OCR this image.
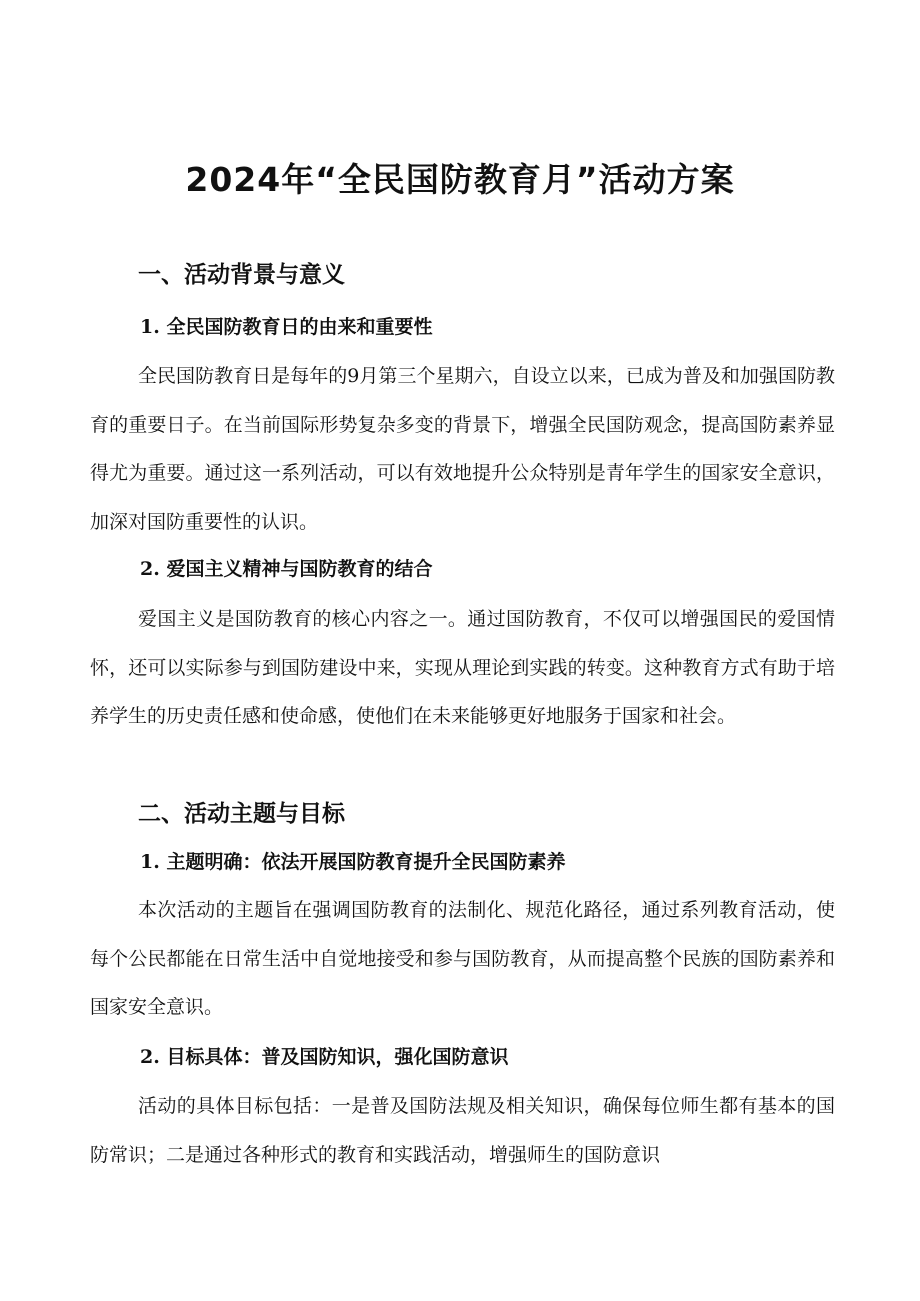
2024年“全民国防教育月”活动方案
一、活动背景与意义
1. 全民国防教育日的由来和重要性

全民国防教育日是每年的9月第三个星期六，自设立以来，已成为普及和加强国防教育的重要日子。在当前国际形势复杂多变的背景下，增强全民国防观念，提高国防素养显得尤为重要。通过这一系列活动，可以有效地提升公众特别是青年学生的国家安全意识，加深对国防重要性的认识。

2. 爱国主义精神与国防教育的结合

爱国主义是国防教育的核心内容之一。通过国防教育，不仅可以增强国民的爱国情怀，还可以实际参与到国防建设中来，实现从理论到实践的转变。这种教育方式有助于培养学生的历史责任感和使命感，使他们在未来能够更好地服务于国家和社会。

二、活动主题与目标
1. 主题明确：依法开展国防教育提升全民国防素养

本次活动的主题旨在强调国防教育的法制化、规范化路径，通过系列教育活动，使每个公民都能在日常生活中自觉地接受和参与国防教育，从而提高整个民族的国防素养和国家安全意识。

2. 目标具体：普及国防知识，强化国防意识

活动的具体目标包括：一是普及国防法规及相关知识，确保每位师生都有基本的国防常识；二是通过各种形式的教育和实践活动，增强师生的国防意识
